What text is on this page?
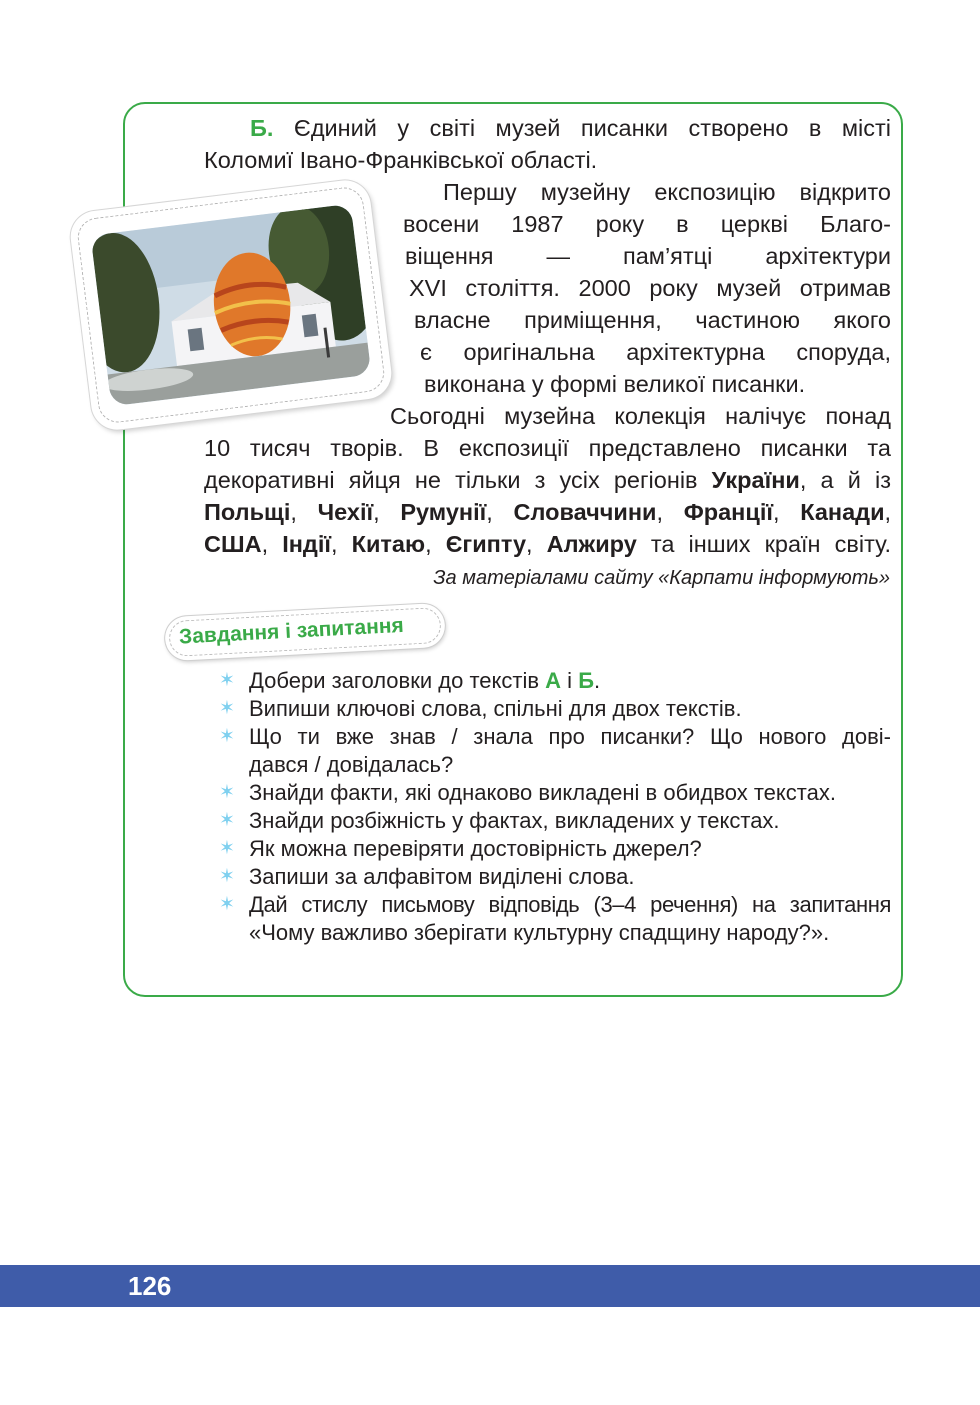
Б. Єдиний у світі музей писанки створено в місті
Коломиї Івано-Франківської області.
Першу музейну експозицію відкрито
восени 1987 року в церкві Благо-
віщення — пам’ятці архітектури
XVI століття. 2000 року музей отримав
власне приміщення, частиною якого
є оригінальна архітектурна споруда,
виконана у формі великої писанки.
Сьогодні музейна колекція налічує понад
10 тисяч творів. В експозиції представлено писанки та
декоративні яйця не тільки з усіх регіонів України, а й із
Польщі, Чехії, Румунії, Словаччини, Франції, Канади,
США, Індії, Китаю, Єгипту, Алжиру та інших країн світу.
За матеріалами сайту «Карпати інформують»
Завдання і запитання
✶ Добери заголовки до текстів А і Б.
✶ Випиши ключові слова, спільні для двох текстів.
✶ Що ти вже знав / знала про писанки? Що нового дові-
дався / довідалась?
✶ Знайди факти, які однаково викладені в обидвох текстах.
✶ Знайди розбіжність у фактах, викладених у текстах.
✶ Як можна перевіряти достовірність джерел?
✶ Запиши за алфавітом виділені слова.
✶ Дай стислу письмову відповідь (3–4 речення) на запитання
«Чому важливо зберігати культурну спадщину народу?».
126
